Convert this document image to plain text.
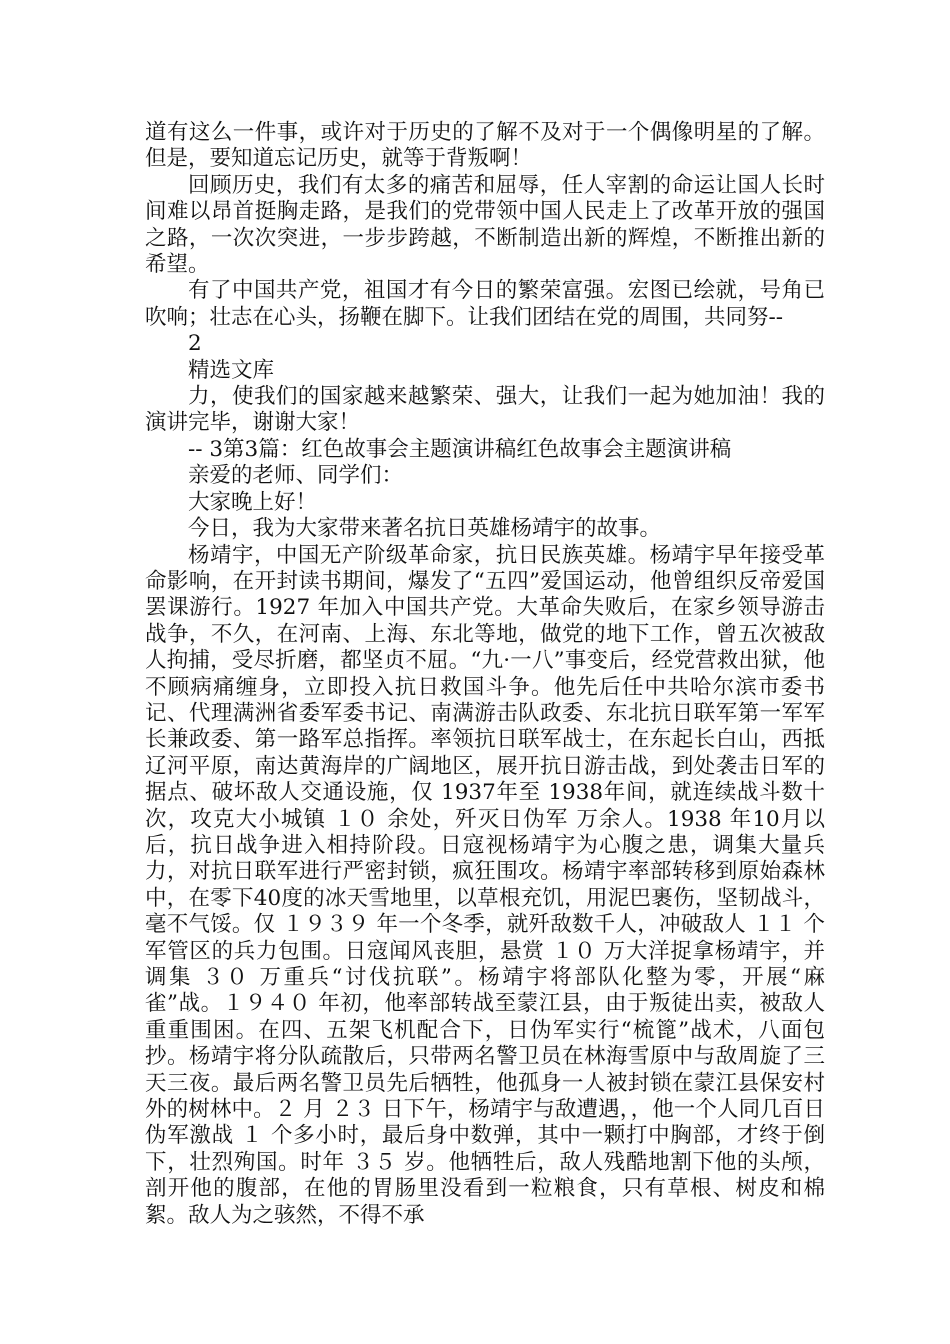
道有这么一件事，或许对于历史的了解不及对于一个偶像明星的了解。但是，要知道忘记历史，就等于背叛啊！

回顾历史，我们有太多的痛苦和屈辱，任人宰割的命运让国人长时间难以昂首挺胸走路，是我们的党带领中国人民走上了改革开放的强国之路，一次次突进，一步步跨越，不断制造出新的辉煌，不断推出新的希望。

有了中国共产党，祖国才有今日的繁荣富强。宏图已绘就，号角已吹响；壮志在心头，扬鞭在脚下。让我们团结在党的周围，共同努--

2

精选文库

力，使我们的国家越来越繁荣、强大，让我们一起为她加油！我的演讲完毕，谢谢大家！

-- 3第3篇：红色故事会主题演讲稿红色故事会主题演讲稿

亲爱的老师、同学们：

大家晚上好！

今日，我为大家带来著名抗日英雄杨靖宇的故事。

杨靖宇，中国无产阶级革命家，抗日民族英雄。杨靖宇早年接受革命影响，在开封读书期间，爆发了“五四”爱国运动，他曾组织反帝爱国罢课游行。1927 年加入中国共产党。大革命失败后，在家乡领导游击战争，不久，在河南、上海、东北等地，做党的地下工作，曾五次被敌人拘捕，受尽折磨，都坚贞不屈。“九·一八”事变后，经党营救出狱，他不顾病痛缠身，立即投入抗日救国斗争。他先后任中共哈尔滨市委书记、代理满洲省委军委书记、南满游击队政委、东北抗日联军第一军军长兼政委、第一路军总指挥。率领抗日联军战士，在东起长白山，西抵辽河平原，南达黄海岸的广阔地区，展开抗日游击战，到处袭击日军的据点、破坏敌人交通设施，仅 1937年至 1938年间，就连续战斗数十次，攻克大小城镇 １０ 余处，歼灭日伪军 万余人。1938 年10月以后，抗日战争进入相持阶段。日寇视杨靖宇为心腹之患，调集大量兵力，对抗日联军进行严密封锁，疯狂围攻。杨靖宇率部转移到原始森林中，在零下40度的冰天雪地里，以草根充饥，用泥巴裹伤，坚韧战斗，毫不气馁。仅 １９３９ 年一个冬季，就歼敌数千人，冲破敌人 １１ 个军管区的兵力包围。日寇闻风丧胆，悬赏 １０ 万大洋捉拿杨靖宇，并调集 ３０ 万重兵“讨伐抗联”。杨靖宇将部队化整为零，开展“麻雀”战。１９４０ 年初，他率部转战至蒙江县，由于叛徒出卖，被敌人重重围困。在四、五架飞机配合下，日伪军实行“梳篦”战术，八面包抄。杨靖宇将分队疏散后，只带两名警卫员在林海雪原中与敌周旋了三天三夜。最后两名警卫员先后牺牲，他孤身一人被封锁在蒙江县保安村外的树林中。２ 月 ２３ 日下午，杨靖宇与敌遭遇，，他一个人同几百日伪军激战 １ 个多小时，最后身中数弹，其中一颗打中胸部，才终于倒下，壮烈殉国。时年 ３５ 岁。他牺牲后，敌人残酷地割下他的头颅，剖开他的腹部，在他的胃肠里没看到一粒粮食，只有草根、树皮和棉絮。敌人为之骇然，不得不承
